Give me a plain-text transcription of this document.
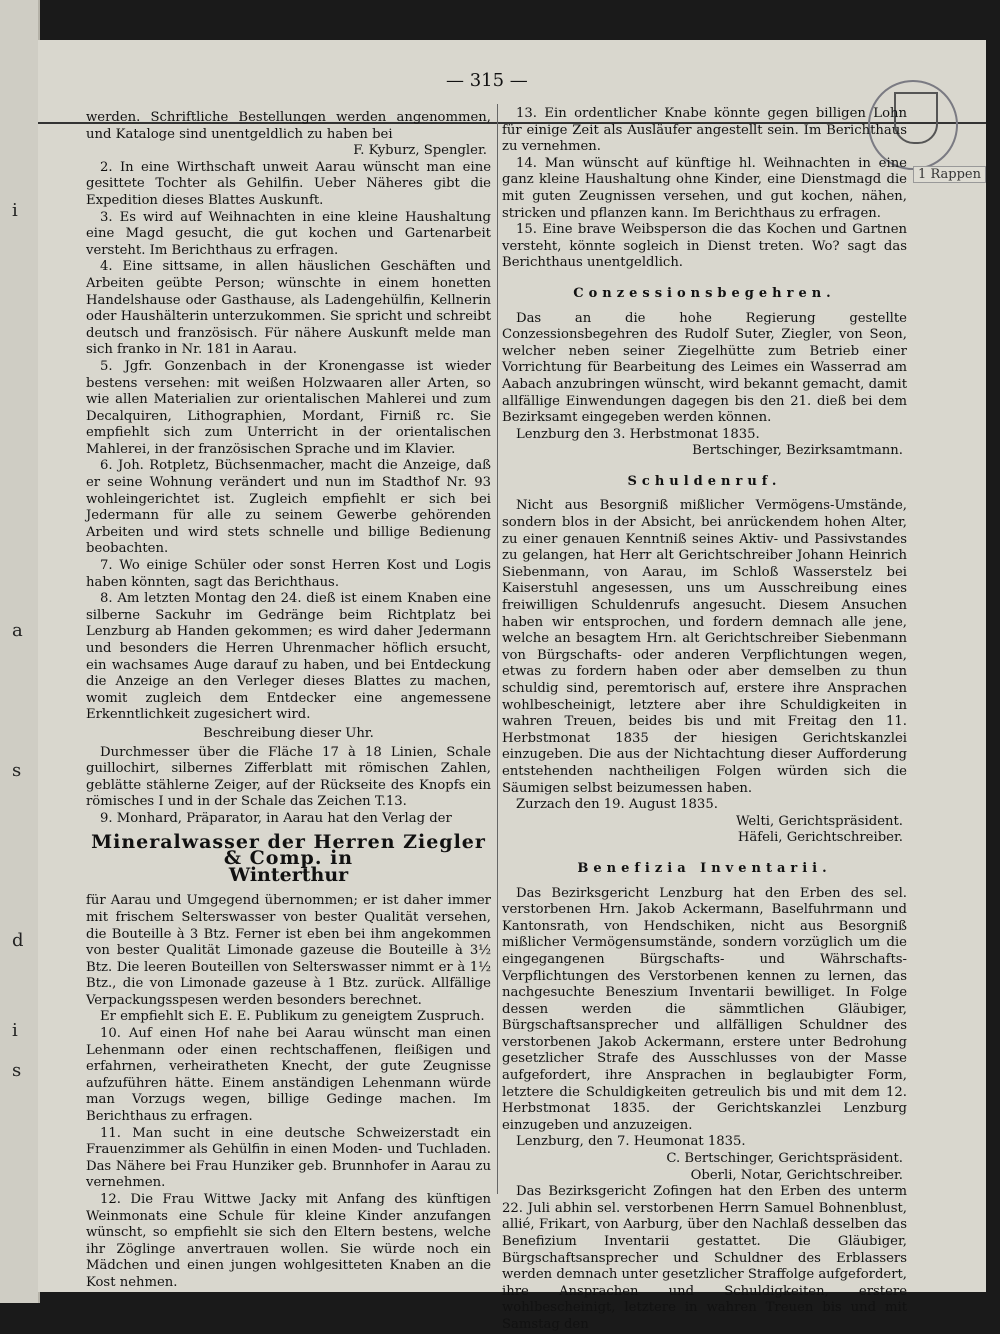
i
a
s
d
i
s
1 Rappen
— 315 —

werden. Schriftliche Bestellungen werden angenommen, und Kataloge sind unentgeldlich zu haben bei

F. Kyburz, Spengler.

2. In eine Wirthschaft unweit Aarau wünscht man eine gesittete Tochter als Gehilfin. Ueber Näheres gibt die Expedition dieses Blattes Auskunft.

3. Es wird auf Weihnachten in eine kleine Haushaltung eine Magd gesucht, die gut kochen und Gartenarbeit versteht. Im Berichthaus zu erfragen.

4. Eine sittsame, in allen häuslichen Geschäften und Arbeiten geübte Person; wünschte in einem honetten Handelshause oder Gasthause, als Ladengehülfin, Kellnerin oder Haushälterin unterzukommen. Sie spricht und schreibt deutsch und französisch. Für nähere Auskunft melde man sich franko in Nr. 181 in Aarau.

5. Jgfr. Gonzenbach in der Kronengasse ist wieder bestens versehen: mit weißen Holzwaaren aller Arten, so wie allen Materialien zur orientalischen Mahlerei und zum Decalquiren, Lithographien, Mordant, Firniß rc. Sie empfiehlt sich zum Unterricht in der orientalischen Mahlerei, in der französischen Sprache und im Klavier.

6. Joh. Rotpletz, Büchsenmacher, macht die Anzeige, daß er seine Wohnung verändert und nun im Stadthof Nr. 93 wohleingerichtet ist. Zugleich empfiehlt er sich bei Jedermann für alle zu seinem Gewerbe gehörenden Arbeiten und wird stets schnelle und billige Bedienung beobachten.

7. Wo einige Schüler oder sonst Herren Kost und Logis haben könnten, sagt das Berichthaus.

8. Am letzten Montag den 24. dieß ist einem Knaben eine silberne Sackuhr im Gedränge beim Richtplatz bei Lenzburg ab Handen gekommen; es wird daher Jedermann und besonders die Herren Uhrenmacher höflich ersucht, ein wachsames Auge darauf zu haben, und bei Entdeckung die Anzeige an den Verleger dieses Blattes zu machen, womit zugleich dem Entdecker eine angemessene Erkenntlichkeit zugesichert wird.

Beschreibung dieser Uhr.

Durchmesser über die Fläche 17 à 18 Linien, Schale guillochirt, silbernes Zifferblatt mit römischen Zahlen, geblätte stählerne Zeiger, auf der Rückseite des Knopfs ein römisches I und in der Schale das Zeichen T.13.

9. Monhard, Präparator, in Aarau hat den Verlag der

Mineralwasser der Herren Ziegler & Comp. in

Winterthur

für Aarau und Umgegend übernommen; er ist daher immer mit frischem Selterswasser von bester Qualität versehen, die Bouteille à 3 Btz. Ferner ist eben bei ihm angekommen von bester Qualität Limonade gazeuse die Bouteille à 3½ Btz. Die leeren Bouteillen von Selterswasser nimmt er à 1½ Btz., die von Limonade gazeuse à 1 Btz. zurück. Allfällige Verpackungsspesen werden besonders berechnet.

Er empfiehlt sich E. E. Publikum zu geneigtem Zuspruch.

10. Auf einen Hof nahe bei Aarau wünscht man einen Lehenmann oder einen rechtschaffenen, fleißigen und erfahrnen, verheiratheten Knecht, der gute Zeugnisse aufzuführen hätte. Einem anständigen Lehenmann würde man Vorzugs wegen, billige Gedinge machen. Im Berichthaus zu erfragen.

11. Man sucht in eine deutsche Schweizerstadt ein Frauenzimmer als Gehülfin in einen Moden- und Tuchladen. Das Nähere bei Frau Hunziker geb. Brunnhofer in Aarau zu vernehmen.

12. Die Frau Wittwe Jacky mit Anfang des künftigen Weinmonats eine Schule für kleine Kinder anzufangen wünscht, so empfiehlt sie sich den Eltern bestens, welche ihr Zöglinge anvertrauen wollen. Sie würde noch ein Mädchen und einen jungen wohlgesitteten Knaben an die Kost nehmen.

13. Ein ordentlicher Knabe könnte gegen billigen Lohn für einige Zeit als Ausläufer angestellt sein. Im Berichthaus zu vernehmen.

14. Man wünscht auf künftige hl. Weihnachten in eine ganz kleine Haushaltung ohne Kinder, eine Dienstmagd die mit guten Zeugnissen versehen, und gut kochen, nähen, stricken und pflanzen kann. Im Berichthaus zu erfragen.

15. Eine brave Weibsperson die das Kochen und Gartnen versteht, könnte sogleich in Dienst treten. Wo? sagt das Berichthaus unentgeldlich.

Conzessionsbegehren.

Das an die hohe Regierung gestellte Conzessionsbegehren des Rudolf Suter, Ziegler, von Seon, welcher neben seiner Ziegelhütte zum Betrieb einer Vorrichtung für Bearbeitung des Leimes ein Wasserrad am Aabach anzubringen wünscht, wird bekannt gemacht, damit allfällige Einwendungen dagegen bis den 21. dieß bei dem Bezirksamt eingegeben werden können.

Lenzburg den 3. Herbstmonat 1835.

Bertschinger, Bezirksamtmann.

Schuldenruf.

Nicht aus Besorgniß mißlicher Vermögens-Umstände, sondern blos in der Absicht, bei anrückendem hohen Alter, zu einer genauen Kenntniß seines Aktiv- und Passivstandes zu gelangen, hat Herr alt Gerichtschreiber Johann Heinrich Siebenmann, von Aarau, im Schloß Wasserstelz bei Kaiserstuhl angesessen, uns um Ausschreibung eines freiwilligen Schuldenrufs angesucht. Diesem Ansuchen haben wir entsprochen, und fordern demnach alle jene, welche an besagtem Hrn. alt Gerichtschreiber Siebenmann von Bürgschafts- oder anderen Verpflichtungen wegen, etwas zu fordern haben oder aber demselben zu thun schuldig sind, peremtorisch auf, erstere ihre Ansprachen wohlbescheinigt, letztere aber ihre Schuldigkeiten in wahren Treuen, beides bis und mit Freitag den 11. Herbstmonat 1835 der hiesigen Gerichtskanzlei einzugeben. Die aus der Nichtachtung dieser Aufforderung entstehenden nachtheiligen Folgen würden sich die Säumigen selbst beizumessen haben.

Zurzach den 19. August 1835.

Welti, Gerichtspräsident.

Häfeli, Gerichtschreiber.

Benefizia Inventarii.

Das Bezirksgericht Lenzburg hat den Erben des sel. verstorbenen Hrn. Jakob Ackermann, Baselfuhrmann und Kantonsrath, von Hendschiken, nicht aus Besorgniß mißlicher Vermögensumstände, sondern vorzüglich um die eingegangenen Bürgschafts- und Währschafts-Verpflichtungen des Verstorbenen kennen zu lernen, das nachgesuchte Beneszium Inventarii bewilliget. In Folge dessen werden die sämmtlichen Gläubiger, Bürgschaftsansprecher und allfälligen Schuldner des verstorbenen Jakob Ackermann, erstere unter Bedrohung gesetzlicher Strafe des Ausschlusses von der Masse aufgefordert, ihre Ansprachen in beglaubigter Form, letztere die Schuldigkeiten getreulich bis und mit dem 12. Herbstmonat 1835. der Gerichtskanzlei Lenzburg einzugeben und anzuzeigen.

Lenzburg, den 7. Heumonat 1835.

C. Bertschinger, Gerichtspräsident.

Oberli, Notar, Gerichtschreiber.

Das Bezirksgericht Zofingen hat den Erben des unterm 22. Juli abhin sel. verstorbenen Herrn Samuel Bohnenblust, allié, Frikart, von Aarburg, über den Nachlaß desselben das Benefizium Inventarii gestattet. Die Gläubiger, Bürgschaftsansprecher und Schuldner des Erblassers werden demnach unter gesetzlicher Straffolge aufgefordert, ihre Ansprachen und Schuldigkeiten, erstere wohlbescheinigt, letztere in wahren Treuen bis und mit Samstag den
